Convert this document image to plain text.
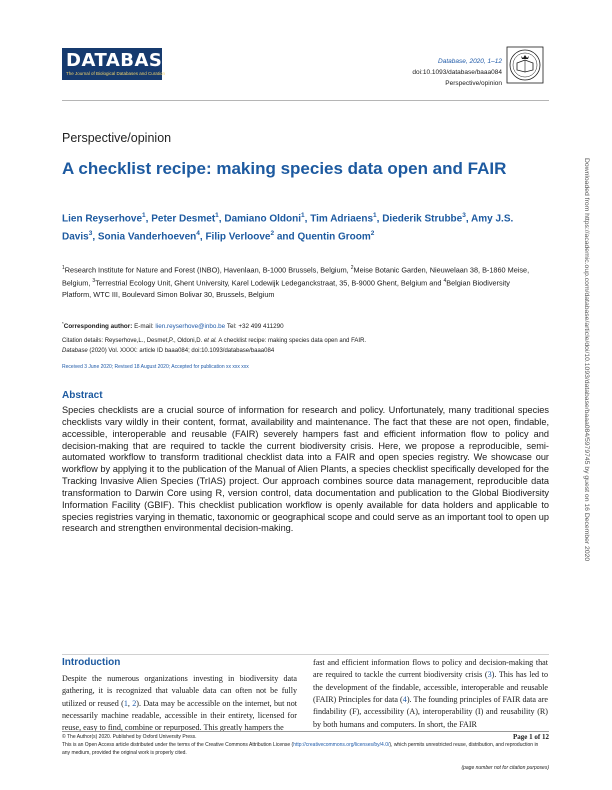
DATABASE
The Journal of Biological Databases and Curation
Database, 2020, 1–12
doi:10.1093/database/baaa084
Perspective/opinion
Perspective/opinion
A checklist recipe: making species data open and FAIR
Lien Reyserhove$^1$, Peter Desmet$^1$, Damiano Oldoni$^1$, Tim Adriaens$^1$, Diederik Strubbe$^3$, Amy J.S. Davis$^3$, Sonia Vanderhoeven$^4$, Filip Verloove$^2$ and Quentin Groom$^2$
$^1$Research Institute for Nature and Forest (INBO), Havenlaan, B-1000 Brussels, Belgium, $^2$Meise Botanic Garden, Nieuwelaan 38, B-1860 Meise, Belgium, $^3$Terrestrial Ecology Unit, Ghent University, Karel Lodewijk Ledeganckstraat, 35, B-9000 Ghent, Belgium and $^4$Belgian Biodiversity Platform, WTC III, Boulevard Simon Bolivar 30, Brussels, Belgium
*Corresponding author: E-mail: lien.reyserhove@inbo.be Tel: +32 499 411290
Citation details: Reyserhove,L., Desmet,P., Oldoni,D. et al. A checklist recipe: making species data open and FAIR.
Database (2020) Vol. XXXX: article ID baaa084; doi:10.1093/database/baaa084
Received 3 June 2020; Revised 18 August 2020; Accepted for publication xx xxx xxx
Abstract
Species checklists are a crucial source of information for research and policy. Unfortunately, many traditional species checklists vary wildly in their content, format, availability and maintenance. The fact that these are not open, findable, accessible, interoperable and reusable (FAIR) severely hampers fast and efficient information flow to policy and decision-making that are required to tackle the current biodiversity crisis. Here, we propose a reproducible, semi-automated workflow to transform traditional checklist data into a FAIR and open species registry. We showcase our workflow by applying it to the publication of the Manual of Alien Plants, a species checklist specifically developed for the Tracking Invasive Alien Species (TrIAS) project. Our approach combines source data management, reproducible data transformation to Darwin Core using R, version control, data documentation and publication to the Global Biodiversity Information Facility (GBIF). This checklist publication workflow is openly available for data holders and applicable to species registries varying in thematic, taxonomic or geographical scope and could serve as an important tool to open up research and strengthen environmental decision-making.
Introduction
Despite the numerous organizations investing in biodiversity data gathering, it is recognized that valuable data can often not be fully utilized or reused (1, 2). Data may be accessible on the internet, but not necessarily machine readable, accessible in their entirety, licensed for reuse, easy to find, combine or repurposed. This greatly hampers the
fast and efficient information flows to policy and decision-making that are required to tackle the current biodiversity crisis (3). This has led to the development of the findable, accessible, interoperable and reusable (FAIR) Principles for data (4). The founding principles of FAIR data are findability (F), accessibility (A), interoperability (I) and reusability (R) by both humans and computers. In short, the FAIR
© The Author(s) 2020. Published by Oxford University Press.	Page 1 of 12
This is an Open Access article distributed under the terms of the Creative Commons Attribution License (http://creativecommons.org/licenses/by/4.0/), which permits unrestricted reuse, distribution, and reproduction in any medium, provided the original work is properly cited.
(page number not for citation purposes)
Downloaded from https://academic.oup.com/database/article/doi/10.1093/database/baaa084/5979745 by guest on 16 December 2020
